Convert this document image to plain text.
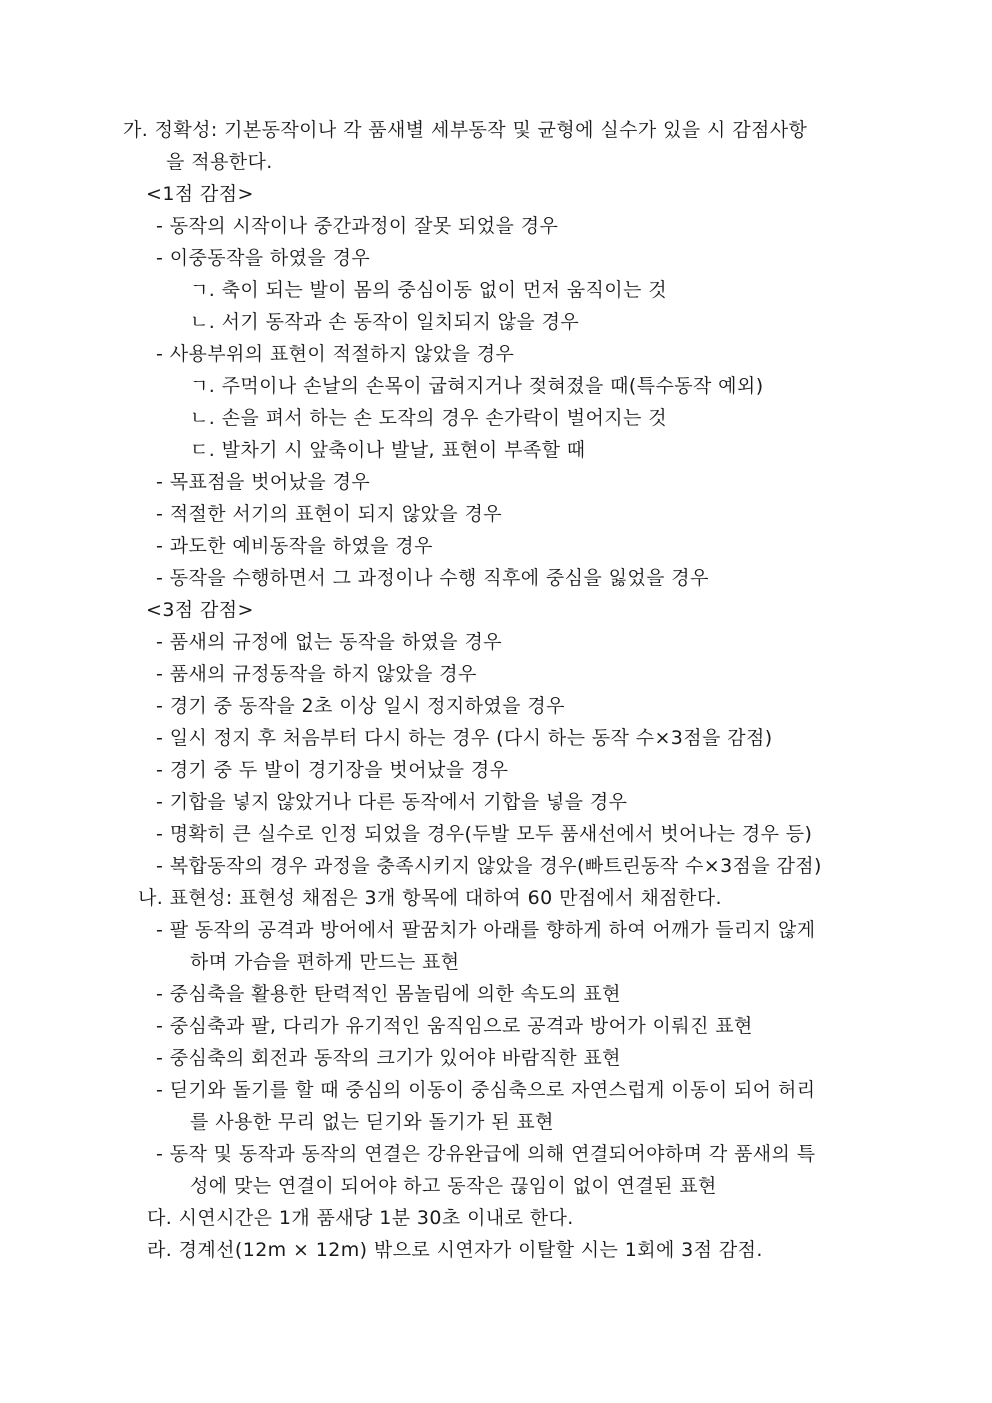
가. 정확성: 기본동작이나 각 품새별 세부동작 및 균형에 실수가 있을 시 감점사항
을 적용한다.
<1점 감점>
- 동작의 시작이나 중간과정이 잘못 되었을 경우
- 이중동작을 하였을 경우
ㄱ. 축이 되는 발이 몸의 중심이동 없이 먼저 움직이는 것
ㄴ. 서기 동작과 손 동작이 일치되지 않을 경우
- 사용부위의 표현이 적절하지 않았을 경우
ㄱ. 주먹이나 손날의 손목이 굽혀지거나 젖혀졌을 때(특수동작 예외)
ㄴ. 손을 펴서 하는 손 도작의 경우 손가락이 벌어지는 것
ㄷ. 발차기 시 앞축이나 발날, 표현이 부족할 때
- 목표점을 벗어났을 경우
- 적절한 서기의 표현이 되지 않았을 경우
- 과도한 예비동작을 하였을 경우
- 동작을 수행하면서 그 과정이나 수행 직후에 중심을 잃었을 경우
<3점 감점>
- 품새의 규정에 없는 동작을 하였을 경우
- 품새의 규정동작을 하지 않았을 경우
- 경기 중 동작을 2초 이상 일시 정지하였을 경우
- 일시 정지 후 처음부터 다시 하는 경우 (다시 하는 동작 수×3점을 감점)
- 경기 중 두 발이 경기장을 벗어났을 경우
- 기합을 넣지 않았거나 다른 동작에서 기합을 넣을 경우
- 명확히 큰 실수로 인정 되었을 경우(두발 모두 품새선에서 벗어나는 경우 등)
- 복합동작의 경우 과정을 충족시키지 않았을 경우(빠트린동작 수×3점을 감점)
나. 표현성: 표현성 채점은 3개 항목에 대하여 60 만점에서 채점한다.
- 팔 동작의 공격과 방어에서 팔꿈치가 아래를 향하게 하여 어깨가 들리지 않게
하며 가슴을 편하게 만드는 표현
- 중심축을 활용한 탄력적인 몸놀림에 의한 속도의 표현
- 중심축과 팔, 다리가 유기적인 움직임으로 공격과 방어가 이뤄진 표현
- 중심축의 회전과 동작의 크기가 있어야 바람직한 표현
- 딛기와 돌기를 할 때 중심의 이동이 중심축으로 자연스럽게 이동이 되어 허리
를 사용한 무리 없는 딛기와 돌기가 된 표현
- 동작 및 동작과 동작의 연결은 강유완급에 의해 연결되어야하며 각 품새의 특
성에 맞는 연결이 되어야 하고 동작은 끊임이 없이 연결된 표현
다. 시연시간은 1개 품새당 1분 30초 이내로 한다.
라. 경계선(12m × 12m) 밖으로 시연자가 이탈할 시는 1회에 3점 감점.
